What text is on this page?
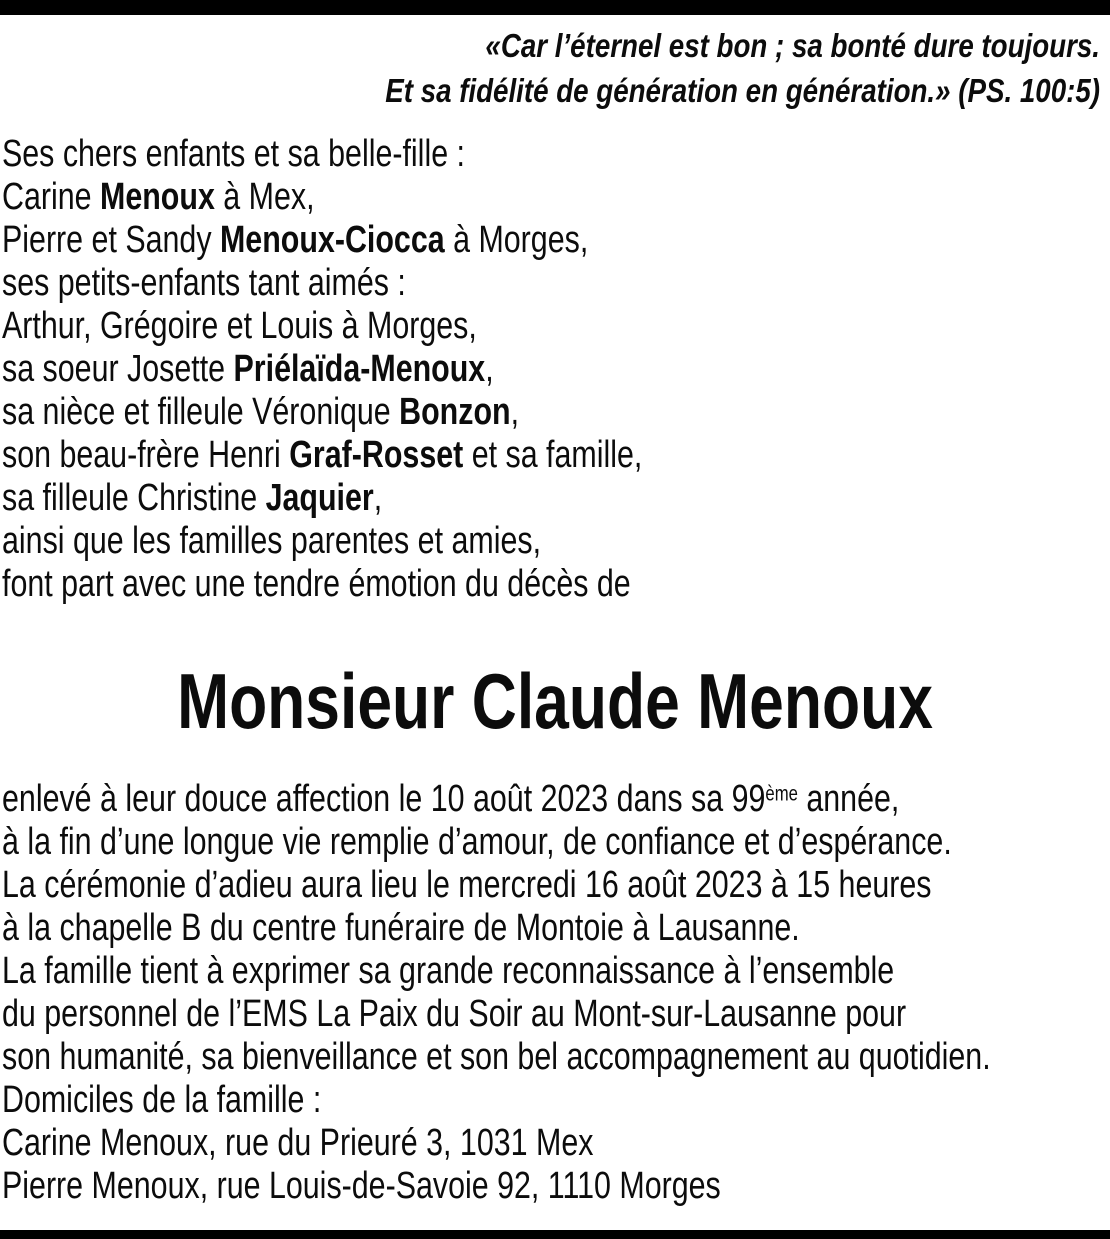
«Car l’éternel est bon ; sa bonté dure toujours.
Et sa fidélité de génération en génération.» (PS. 100:5)
Ses chers enfants et sa belle-fille :
Carine Menoux à Mex,
Pierre et Sandy Menoux-Ciocca à Morges,
ses petits-enfants tant aimés :
Arthur, Grégoire et Louis à Morges,
sa soeur Josette Priélaïda-Menoux,
sa nièce et filleule Véronique Bonzon,
son beau-frère Henri Graf-Rosset et sa famille,
sa filleule Christine Jaquier,
ainsi que les familles parentes et amies,
font part avec une tendre émotion du décès de
Monsieur Claude Menoux
enlevé à leur douce affection le 10 août 2023 dans sa 99ème année,
à la fin d’une longue vie remplie d’amour, de confiance et d’espérance.
La cérémonie d’adieu aura lieu le mercredi 16 août 2023 à 15 heures
à la chapelle B du centre funéraire de Montoie à Lausanne.
La famille tient à exprimer sa grande reconnaissance à l’ensemble
du personnel de l’EMS La Paix du Soir au Mont-sur-Lausanne pour
son humanité, sa bienveillance et son bel accompagnement au quotidien.
Domiciles de la famille :
Carine Menoux, rue du Prieuré 3, 1031 Mex
Pierre Menoux, rue Louis-de-Savoie 92, 1110 Morges
